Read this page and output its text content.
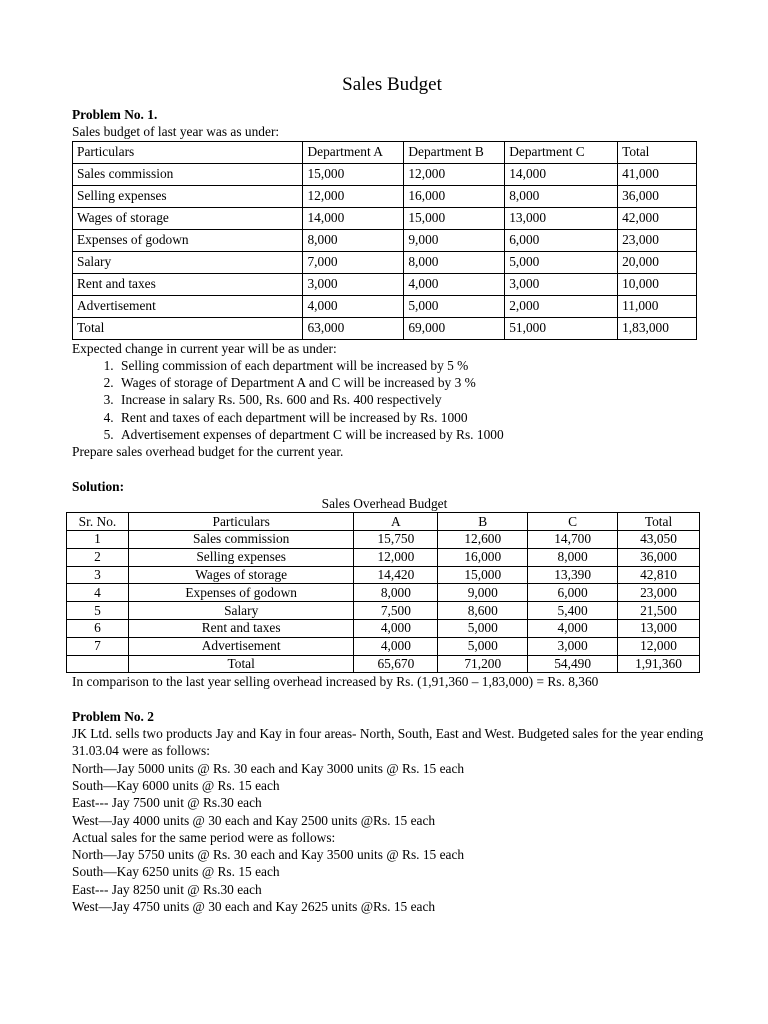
Sales Budget

Problem No. 1.

Sales budget of last year was as under:

Particulars	Department A	Department B	Department C	Total
Sales commission	15,000	12,000	14,000	41,000
Selling expenses	12,000	16,000	8,000	36,000
Wages of storage	14,000	15,000	13,000	42,000
Expenses of godown	8,000	9,000	6,000	23,000
Salary	7,000	8,000	5,000	20,000
Rent and taxes	3,000	4,000	3,000	10,000
Advertisement	4,000	5,000	2,000	11,000
Total	63,000	69,000	51,000	1,83,000

Expected change in current year will be as under:

1. Selling commission of each department will be increased by 5 %
2. Wages of storage of Department A and C will be increased by 3 %
3. Increase in salary Rs. 500, Rs. 600 and Rs. 400 respectively
4. Rent and taxes of each department will be increased by Rs. 1000
5. Advertisement expenses of department C will be increased by Rs. 1000

Prepare sales overhead budget for the current year.

Solution:

Sales Overhead Budget

Sr. No.	Particulars	A	B	C	Total
1	Sales commission	15,750	12,600	14,700	43,050
2	Selling expenses	12,000	16,000	8,000	36,000
3	Wages of storage	14,420	15,000	13,390	42,810
4	Expenses of godown	8,000	9,000	6,000	23,000
5	Salary	7,500	8,600	5,400	21,500
6	Rent and taxes	4,000	5,000	4,000	13,000
7	Advertisement	4,000	5,000	3,000	12,000
	Total	65,670	71,200	54,490	1,91,360

In comparison to the last year selling overhead increased by Rs. (1,91,360 – 1,83,000) = Rs. 8,360

Problem No. 2

JK Ltd. sells two products Jay and Kay in four areas- North, South, East and West. Budgeted sales for the year ending 31.03.04 were as follows:

North—Jay 5000 units @ Rs. 30 each and Kay 3000 units @ Rs. 15 each

South—Kay 6000 units @ Rs. 15 each

East--- Jay 7500 unit @ Rs.30 each

West—Jay 4000 units @ 30 each and Kay 2500 units @Rs. 15 each

Actual sales for the same period were as follows:

North—Jay 5750 units @ Rs. 30 each and Kay 3500 units @ Rs. 15 each

South—Kay 6250 units @ Rs. 15 each

East--- Jay 8250 unit @ Rs.30 each

West—Jay 4750 units @ 30 each and Kay 2625 units @Rs. 15 each
